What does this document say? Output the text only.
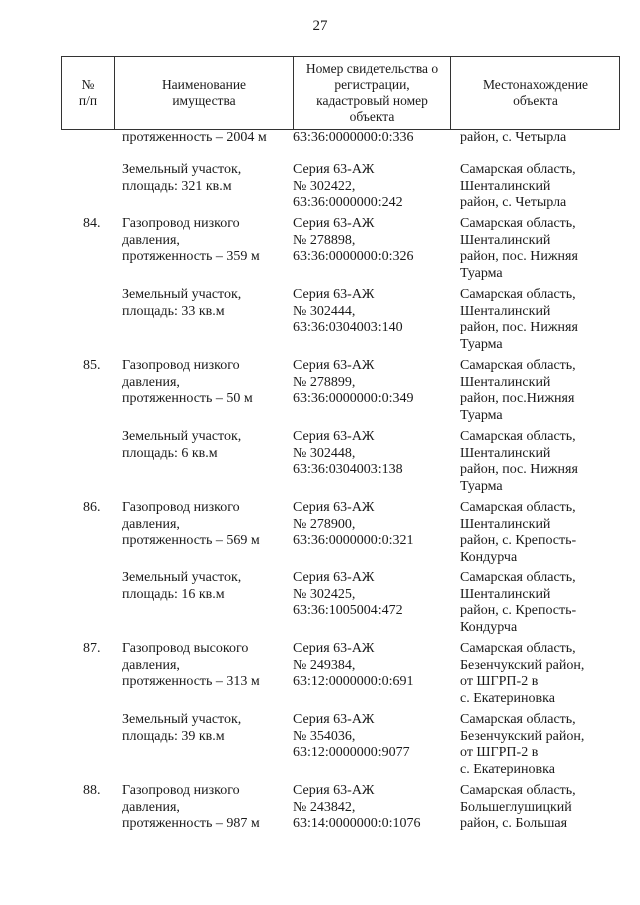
27
№
п/п
Наименование
имущества
Номер свидетельства о
регистрации,
кадастровый номер
объекта
Местонахождение
объекта
протяженность – 2004 м	63:36:0000000:0:336	район, с. Четырла
Земельный участок,
площадь: 321 кв.м
Серия 63-АЖ
№ 302422,
63:36:0000000:242
Самарская область,
Шенталинский
район, с. Четырла
84. Газопровод низкого
давления,
протяженность – 359 м
Серия 63-АЖ
№ 278898,
63:36:0000000:0:326
Самарская область,
Шенталинский
район, пос. Нижняя
Туарма
Земельный участок,
площадь: 33 кв.м
Серия 63-АЖ
№ 302444,
63:36:0304003:140
Самарская область,
Шенталинский
район, пос. Нижняя
Туарма
85. Газопровод низкого
давления,
протяженность – 50 м
Серия 63-АЖ
№ 278899,
63:36:0000000:0:349
Самарская область,
Шенталинский
район, пос.Нижняя
Туарма
Земельный участок,
площадь: 6 кв.м
Серия 63-АЖ
№ 302448,
63:36:0304003:138
Самарская область,
Шенталинский
район, пос. Нижняя
Туарма
86. Газопровод низкого
давления,
протяженность – 569 м
Серия 63-АЖ
№ 278900,
63:36:0000000:0:321
Самарская область,
Шенталинский
район, с. Крепость-
Кондурча
Земельный участок,
площадь: 16 кв.м
Серия 63-АЖ
№ 302425,
63:36:1005004:472
Самарская область,
Шенталинский
район, с. Крепость-
Кондурча
87. Газопровод высокого
давления,
протяженность – 313 м
Серия 63-АЖ
№ 249384,
63:12:0000000:0:691
Самарская область,
Безенчукский район,
от ШГРП-2 в
с. Екатериновка
Земельный участок,
площадь: 39 кв.м
Серия 63-АЖ
№ 354036,
63:12:0000000:9077
Самарская область,
Безенчукский район,
от ШГРП-2 в
с. Екатериновка
88. Газопровод низкого
давления,
протяженность – 987 м
Серия 63-АЖ
№ 243842,
63:14:0000000:0:1076
Самарская область,
Большеглушицкий
район, с. Большая
